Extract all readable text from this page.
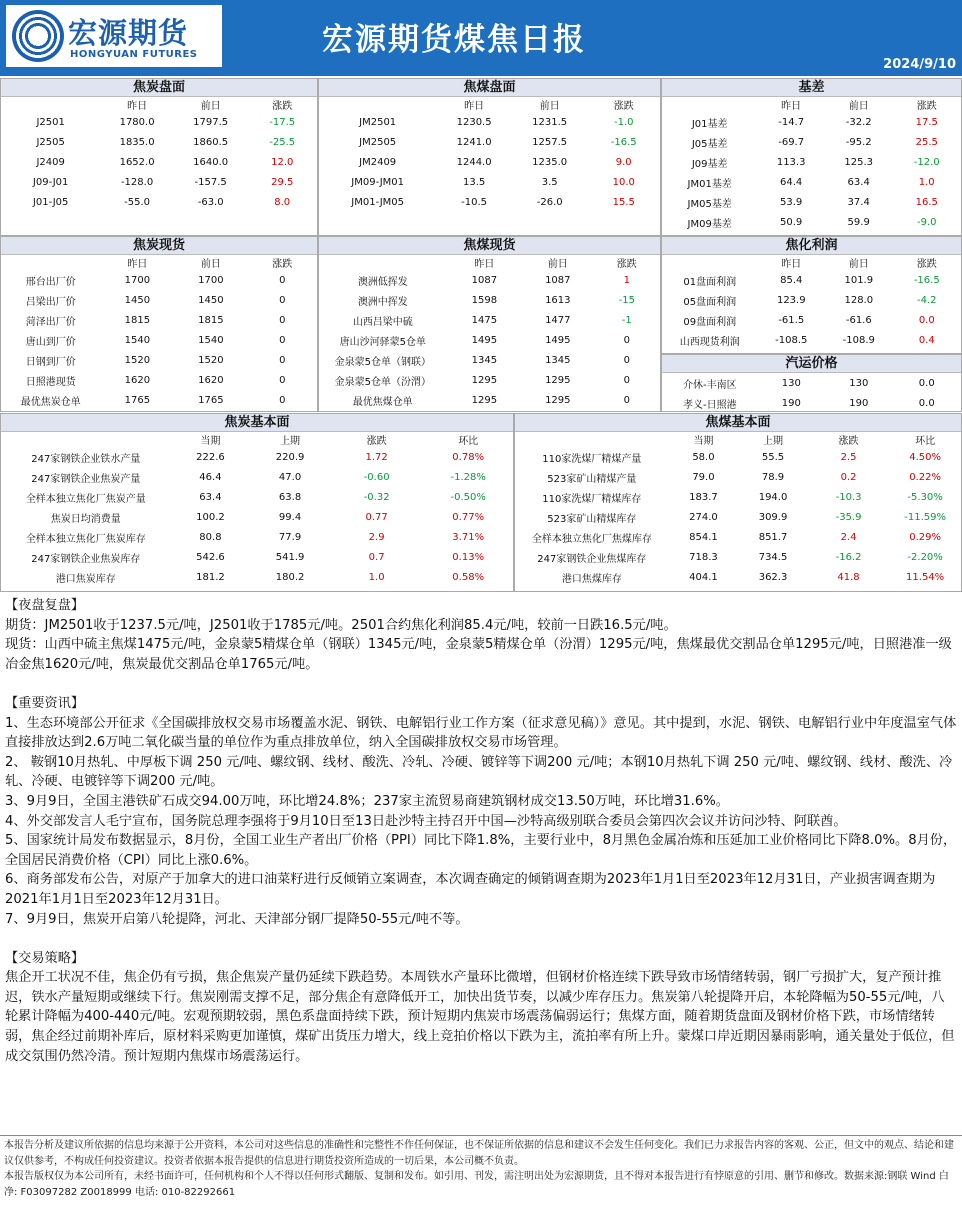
宏源期货
HONGYUAN FUTURES	宏源期货煤焦日报
2024/9/10
焦炭盘面
	昨日	前日	涨跌
J2501	1780.0	1797.5	-17.5
J2505	1835.0	1860.5	-25.5
J2409	1652.0	1640.0	12.0
J09-J01	-128.0	-157.5	29.5
J01-J05	-55.0	-63.0	8.0
焦煤盘面
	昨日	前日	涨跌
JM2501	1230.5	1231.5	-1.0
JM2505	1241.0	1257.5	-16.5
JM2409	1244.0	1235.0	9.0
JM09-JM01	13.5	3.5	10.0
JM01-JM05	-10.5	-26.0	15.5
基差
	昨日	前日	涨跌
J01基差	-14.7	-32.2	17.5
J05基差	-69.7	-95.2	25.5
J09基差	113.3	125.3	-12.0
JM01基差	64.4	63.4	1.0
JM05基差	53.9	37.4	16.5
JM09基差	50.9	59.9	-9.0
焦炭现货
	昨日	前日	涨跌
邢台出厂价	1700	1700	0
吕梁出厂价	1450	1450	0
菏泽出厂价	1815	1815	0
唐山到厂价	1540	1540	0
日钢到厂价	1520	1520	0
日照港现货	1620	1620	0
最优焦炭仓单	1765	1765	0
焦煤现货
	昨日	前日	涨跌
澳洲低挥发	1087	1087	1
澳洲中挥发	1598	1613	-15
山西吕梁中硫	1475	1477	-1
唐山沙河驿蒙5仓单	1495	1495	0
金泉蒙5仓单（钢联）	1345	1345	0
金泉蒙5仓单（汾渭）	1295	1295	0
最优焦煤仓单	1295	1295	0
焦化利润
	昨日	前日	涨跌
01盘面利润	85.4	101.9	-16.5
05盘面利润	123.9	128.0	-4.2
09盘面利润	-61.5	-61.6	0.0
山西现货利润	-108.5	-108.9	0.4
汽运价格
介休-丰南区	130	130	0.0
孝义-日照港	190	190	0.0
焦炭基本面
	当期	上期	涨跌	环比
247家钢铁企业铁水产量	222.6	220.9	1.72	0.78%
247家钢铁企业焦炭产量	46.4	47.0	-0.60	-1.28%
全样本独立焦化厂焦炭产量	63.4	63.8	-0.32	-0.50%
焦炭日均消费量	100.2	99.4	0.77	0.77%
全样本独立焦化厂焦炭库存	80.8	77.9	2.9	3.71%
247家钢铁企业焦炭库存	542.6	541.9	0.7	0.13%
港口焦炭库存	181.2	180.2	1.0	0.58%
焦煤基本面
	当期	上期	涨跌	环比
110家洗煤厂精煤产量	58.0	55.5	2.5	4.50%
523家矿山精煤产量	79.0	78.9	0.2	0.22%
110家洗煤厂精煤库存	183.7	194.0	-10.3	-5.30%
523家矿山精煤库存	274.0	309.9	-35.9	-11.59%
全样本独立焦化厂焦煤库存	854.1	851.7	2.4	0.29%
247家钢铁企业焦煤库存	718.3	734.5	-16.2	-2.20%
港口焦煤库存	404.1	362.3	41.8	11.54%

【夜盘复盘】

期货：JM2501收于1237.5元/吨，J2501收于1785元/吨。2501合约焦化利润85.4元/吨，较前一日跌16.5元/吨。

现货：山西中硫主焦煤1475元/吨，金泉蒙5精煤仓单（钢联）1345元/吨，金泉蒙5精煤仓单（汾渭）1295元/吨，焦煤最优交割品仓单1295元/吨，日照港准一级冶金焦1620元/吨，焦炭最优交割品仓单1765元/吨。

【重要资讯】

1、生态环境部公开征求《全国碳排放权交易市场覆盖水泥、钢铁、电解铝行业工作方案（征求意见稿）》意见。其中提到，水泥、钢铁、电解铝行业中年度温室气体直接排放达到2.6万吨二氧化碳当量的单位作为重点排放单位，纳入全国碳排放权交易市场管理。

2、 鞍钢10月热轧、中厚板下调 250 元/吨、螺纹钢、线材、酸洗、冷轧、冷硬、镀锌等下调200 元/吨；本钢10月热轧下调 250 元/吨、螺纹钢、线材、酸洗、冷轧、冷硬、电镀锌等下调200 元/吨。

3、9月9日，全国主港铁矿石成交94.00万吨，环比增24.8%；237家主流贸易商建筑钢材成交13.50万吨，环比增31.6%。

4、外交部发言人毛宁宣布，国务院总理李强将于9月10日至13日赴沙特主持召开中国—沙特高级别联合委员会第四次会议并访问沙特、阿联酋。

5、国家统计局发布数据显示，8月份，全国工业生产者出厂价格（PPI）同比下降1.8%，主要行业中，8月黑色金属冶炼和压延加工业价格同比下降8.0%。8月份，全国居民消费价格（CPI）同比上涨0.6%。

6、商务部发布公告，对原产于加拿大的进口油菜籽进行反倾销立案调查，本次调查确定的倾销调查期为2023年1月1日至2023年12月31日，产业损害调查期为2021年1月1日至2023年12月31日。

7、9月9日，焦炭开启第八轮提降，河北、天津部分钢厂提降50-55元/吨不等。

【交易策略】

焦企开工状况不佳，焦企仍有亏损，焦企焦炭产量仍延续下跌趋势。本周铁水产量环比微增，但钢材价格连续下跌导致市场情绪转弱，钢厂亏损扩大，复产预计推迟，铁水产量短期或继续下行。焦炭刚需支撑不足，部分焦企有意降低开工，加快出货节奏，以减少库存压力。焦炭第八轮提降开启，本轮降幅为50-55元/吨，八轮累计降幅为400-440元/吨。宏观预期较弱，黑色系盘面持续下跌，预计短期内焦炭市场震荡偏弱运行；焦煤方面，随着期货盘面及钢材价格下跌，市场情绪转弱，焦企经过前期补库后，原材料采购更加谨慎，煤矿出货压力增大，线上竞拍价格以下跌为主，流拍率有所上升。蒙煤口岸近期因暴雨影响，通关量处于低位，但成交氛围仍然冷清。预计短期内焦煤市场震荡运行。

本报告分析及建议所依据的信息均来源于公开资料，本公司对这些信息的准确性和完整性不作任何保证，也不保证所依据的信息和建议不会发生任何变化。我们已力求报告内容的客观、公正，但文中的观点、结论和建议仅供参考，不构成任何投资建议。投资者依据本报告提供的信息进行期货投资所造成的一切后果，本公司概不负责。

本报告版权仅为本公司所有，未经书面许可，任何机构和个人不得以任何形式翻版、复制和发布。如引用、刊发，需注明出处为宏源期货，且不得对本报告进行有悖原意的引用、删节和修改。数据来源:钢联 Wind 白净: F03097282 Z0018999 电话: 010-82292661
